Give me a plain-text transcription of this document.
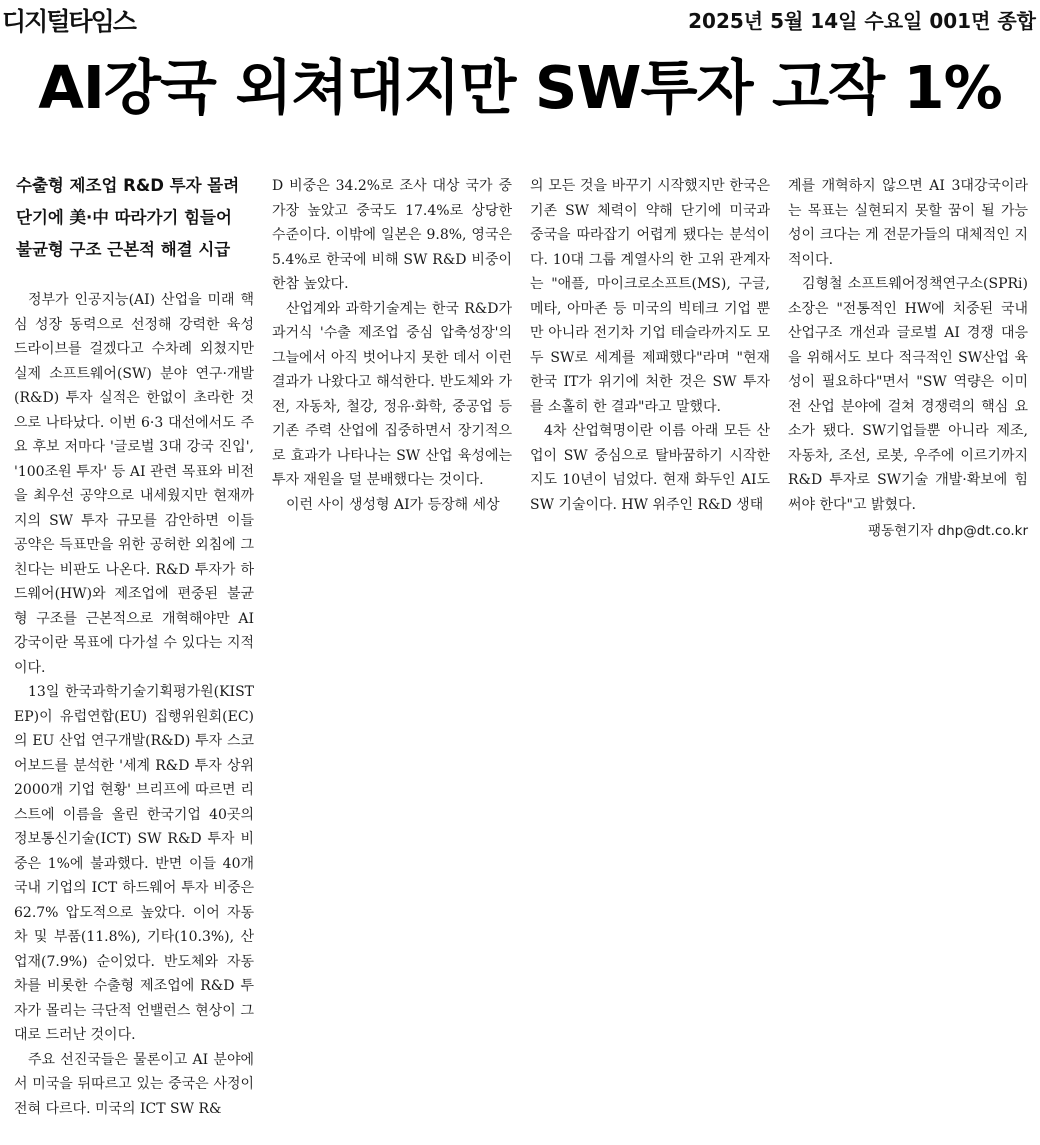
디지털타임스	2025년 5월 14일 수요일 001면 종합
AI강국 외쳐대지만 SW투자 고작 1%
수출형 제조업 R&D 투자 몰려
단기에 美·中 따라가기 힘들어
불균형 구조 근본적 해결 시급

정부가 인공지능(AI) 산업을 미래 핵심 성장 동력으로 선정해 강력한 육성 드라이브를 걸겠다고 수차례 외쳤지만 실제 소프트웨어(SW) 분야 연구·개발(R&D) 투자 실적은 한없이 초라한 것으로 나타났다. 이번 6·3 대선에서도 주요 후보 저마다 '글로벌 3대 강국 진입', '100조원 투자' 등 AI 관련 목표와 비전을 최우선 공약으로 내세웠지만 현재까지의 SW 투자 규모를 감안하면 이들 공약은 득표만을 위한 공허한 외침에 그친다는 비판도 나온다. R&D 투자가 하드웨어(HW)와 제조업에 편중된 불균형 구조를 근본적으로 개혁해야만 AI 강국이란 목표에 다가설 수 있다는 지적이다.

13일 한국과학기술기획평가원(KISTEP)이 유럽연합(EU) 집행위원회(EC)의 EU 산업 연구개발(R&D) 투자 스코어보드를 분석한 '세계 R&D 투자 상위 2000개 기업 현황' 브리프에 따르면 리스트에 이름을 올린 한국기업 40곳의 정보통신기술(ICT) SW R&D 투자 비중은 1%에 불과했다. 반면 이들 40개 국내 기업의 ICT 하드웨어 투자 비중은 62.7% 압도적으로 높았다. 이어 자동차 및 부품(11.8%), 기타(10.3%), 산업재(7.9%) 순이었다. 반도체와 자동차를 비롯한 수출형 제조업에 R&D 투자가 몰리는 극단적 언밸런스 현상이 그대로 드러난 것이다.

주요 선진국들은 물론이고 AI 분야에서 미국을 뒤따르고 있는 중국은 사정이 전혀 다르다. 미국의 ICT SW R&

D 비중은 34.2%로 조사 대상 국가 중 가장 높았고 중국도 17.4%로 상당한 수준이다. 이밖에 일본은 9.8%, 영국은 5.4%로 한국에 비해 SW R&D 비중이 한참 높았다.

산업계와 과학기술계는 한국 R&D가 과거식 '수출 제조업 중심 압축성장'의 그늘에서 아직 벗어나지 못한 데서 이런 결과가 나왔다고 해석한다. 반도체와 가전, 자동차, 철강, 정유·화학, 중공업 등 기존 주력 산업에 집중하면서 장기적으로 효과가 나타나는 SW 산업 육성에는 투자 재원을 덜 분배했다는 것이다.

이런 사이 생성형 AI가 등장해 세상

의 모든 것을 바꾸기 시작했지만 한국은 기존 SW 체력이 약해 단기에 미국과 중국을 따라잡기 어렵게 됐다는 분석이다. 10대 그룹 계열사의 한 고위 관계자는 "애플, 마이크로소프트(MS), 구글, 메타, 아마존 등 미국의 빅테크 기업 뿐만 아니라 전기차 기업 테슬라까지도 모두 SW로 세계를 제패했다"라며 "현재 한국 IT가 위기에 처한 것은 SW 투자를 소홀히 한 결과"라고 말했다.

4차 산업혁명이란 이름 아래 모든 산업이 SW 중심으로 탈바꿈하기 시작한지도 10년이 넘었다. 현재 화두인 AI도 SW 기술이다. HW 위주인 R&D 생태

계를 개혁하지 않으면 AI 3대강국이라는 목표는 실현되지 못할 꿈이 될 가능성이 크다는 게 전문가들의 대체적인 지적이다.

김형철 소프트웨어정책연구소(SPRi) 소장은 "전통적인 HW에 치중된 국내 산업구조 개선과 글로벌 AI 경쟁 대응을 위해서도 보다 적극적인 SW산업 육성이 필요하다"면서 "SW 역량은 이미 전 산업 분야에 걸쳐 경쟁력의 핵심 요소가 됐다. SW기업들뿐 아니라 제조, 자동차, 조선, 로봇, 우주에 이르기까지 R&D 투자로 SW기술 개발·확보에 힘써야 한다"고 밝혔다.

팽동현기자 dhp@dt.co.kr
